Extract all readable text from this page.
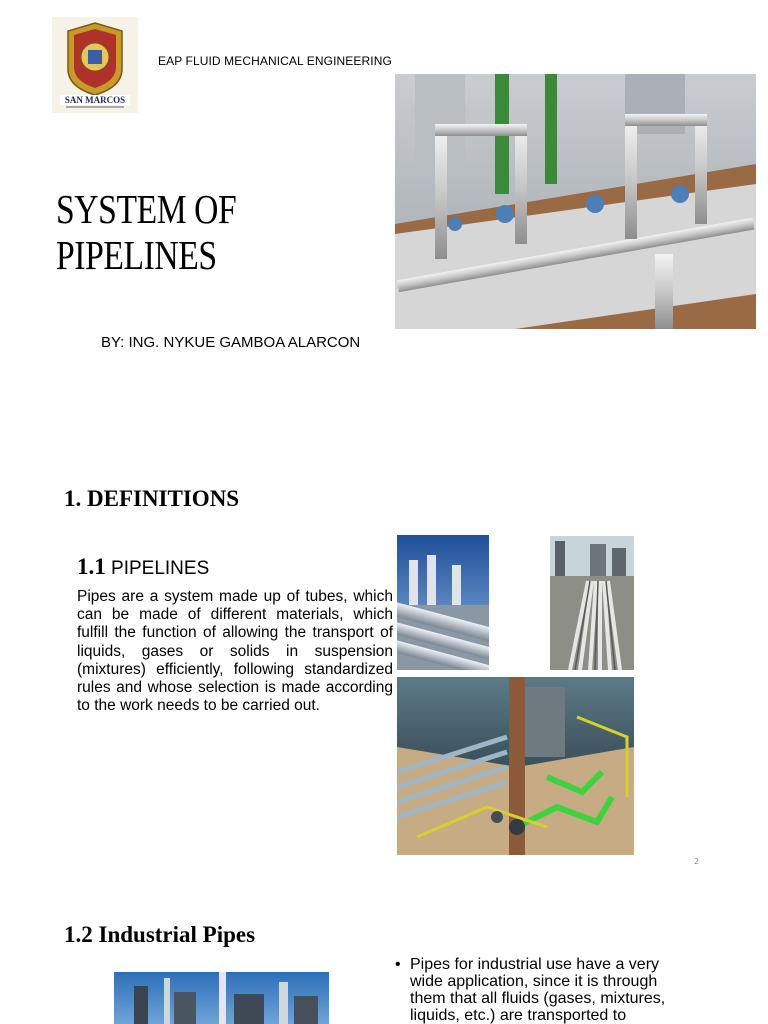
SAN MARCOS
EAP FLUID MECHANICAL ENGINEERING
SYSTEM OF
PIPELINES
BY: ING. NYKUE GAMBOA ALARCON
1. DEFINITIONS
1.1 PIPELINES
Pipes are a system made up of tubes, which can be made of different materials, which fulfill the function of allowing the transport of liquids, gases or solids in suspension (mixtures) efficiently, following standardized rules and whose selection is made according to the work needs to be carried out.
2
1.2 Industrial Pipes
• Pipes for industrial use have a very wide application, since it is through them that all fluids (gases, mixtures, liquids, etc.) are transported to
